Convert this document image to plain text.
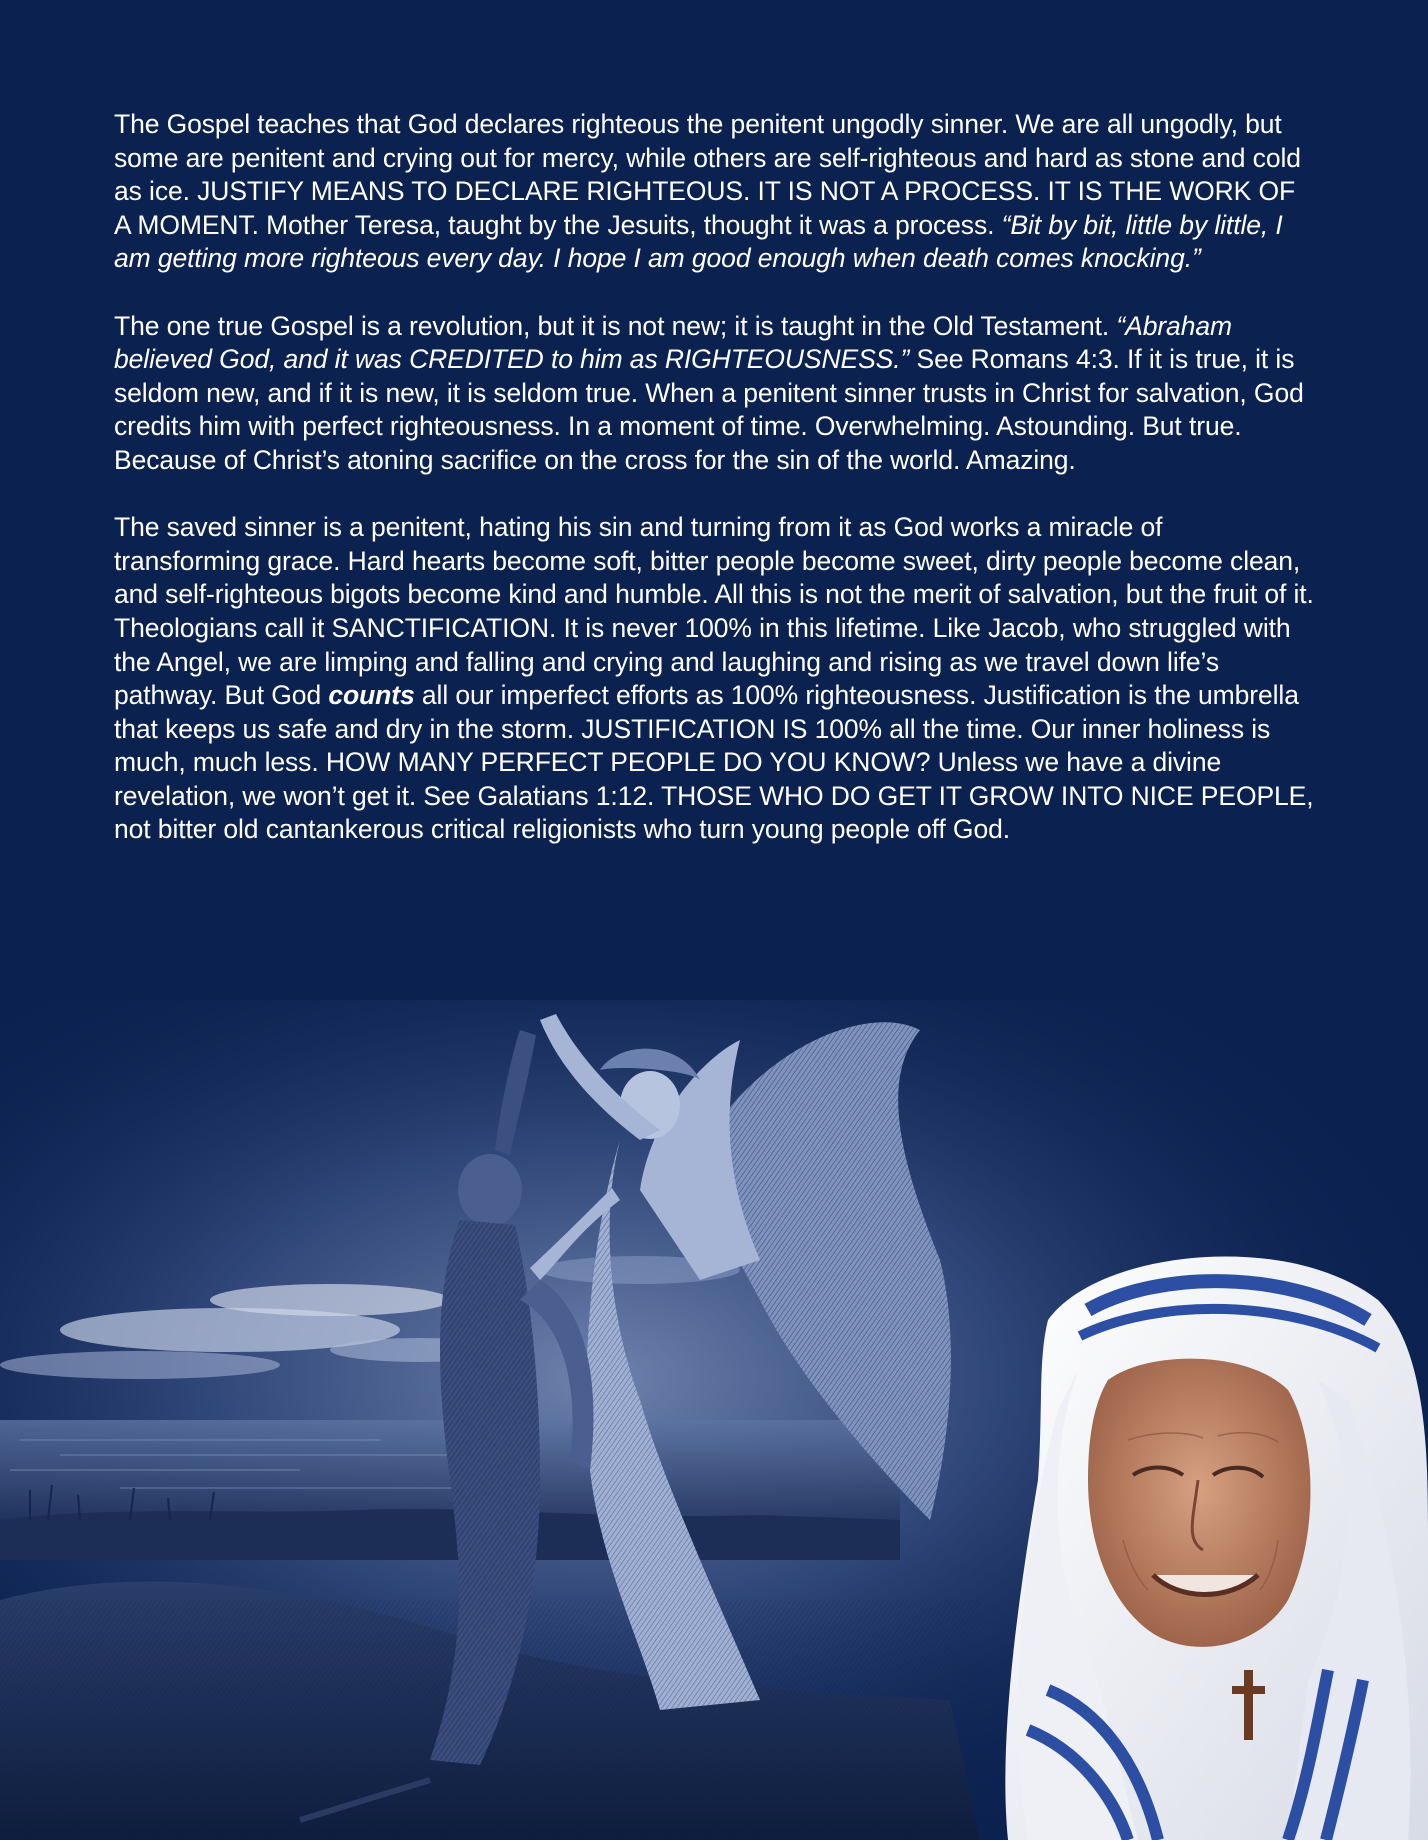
The Gospel teaches that God declares righteous the penitent ungodly sinner. We are all ungodly, but some are penitent and crying out for mercy, while others are self-righteous and hard as stone and cold as ice. JUSTIFY MEANS TO DECLARE RIGHTEOUS. IT IS NOT A PROCESS. IT IS THE WORK OF A MOMENT. Mother Teresa, taught by the Jesuits, thought it was a process. “Bit by bit, little by little, I am getting more righteous every day. I hope I am good enough when death comes knocking.”

The one true Gospel is a revolution, but it is not new; it is taught in the Old Testament. “Abraham believed God, and it was CREDITED to him as RIGHTEOUSNESS.” See Romans 4:3. If it is true, it is seldom new, and if it is new, it is seldom true. When a penitent sinner trusts in Christ for salvation, God credits him with perfect righteousness. In a moment of time. Overwhelming. Astounding. But true. Because of Christ’s atoning sacrifice on the cross for the sin of the world. Amazing.

The saved sinner is a penitent, hating his sin and turning from it as God works a miracle of transforming grace. Hard hearts become soft, bitter people become sweet, dirty people become clean, and self-righteous bigots become kind and humble. All this is not the merit of salvation, but the fruit of it. Theologians call it SANCTIFICATION. It is never 100% in this lifetime. Like Jacob, who struggled with the Angel, we are limping and falling and crying and laughing and rising as we travel down life’s pathway. But God counts all our imperfect efforts as 100% righteousness. Justification is the umbrella that keeps us safe and dry in the storm. JUSTIFICATION IS 100% all the time. Our inner holiness is much, much less. HOW MANY PERFECT PEOPLE DO YOU KNOW? Unless we have a divine revelation, we won’t get it. See Galatians 1:12. THOSE WHO DO GET IT GROW INTO NICE PEOPLE, not bitter old cantankerous critical religionists who turn young people off God.
